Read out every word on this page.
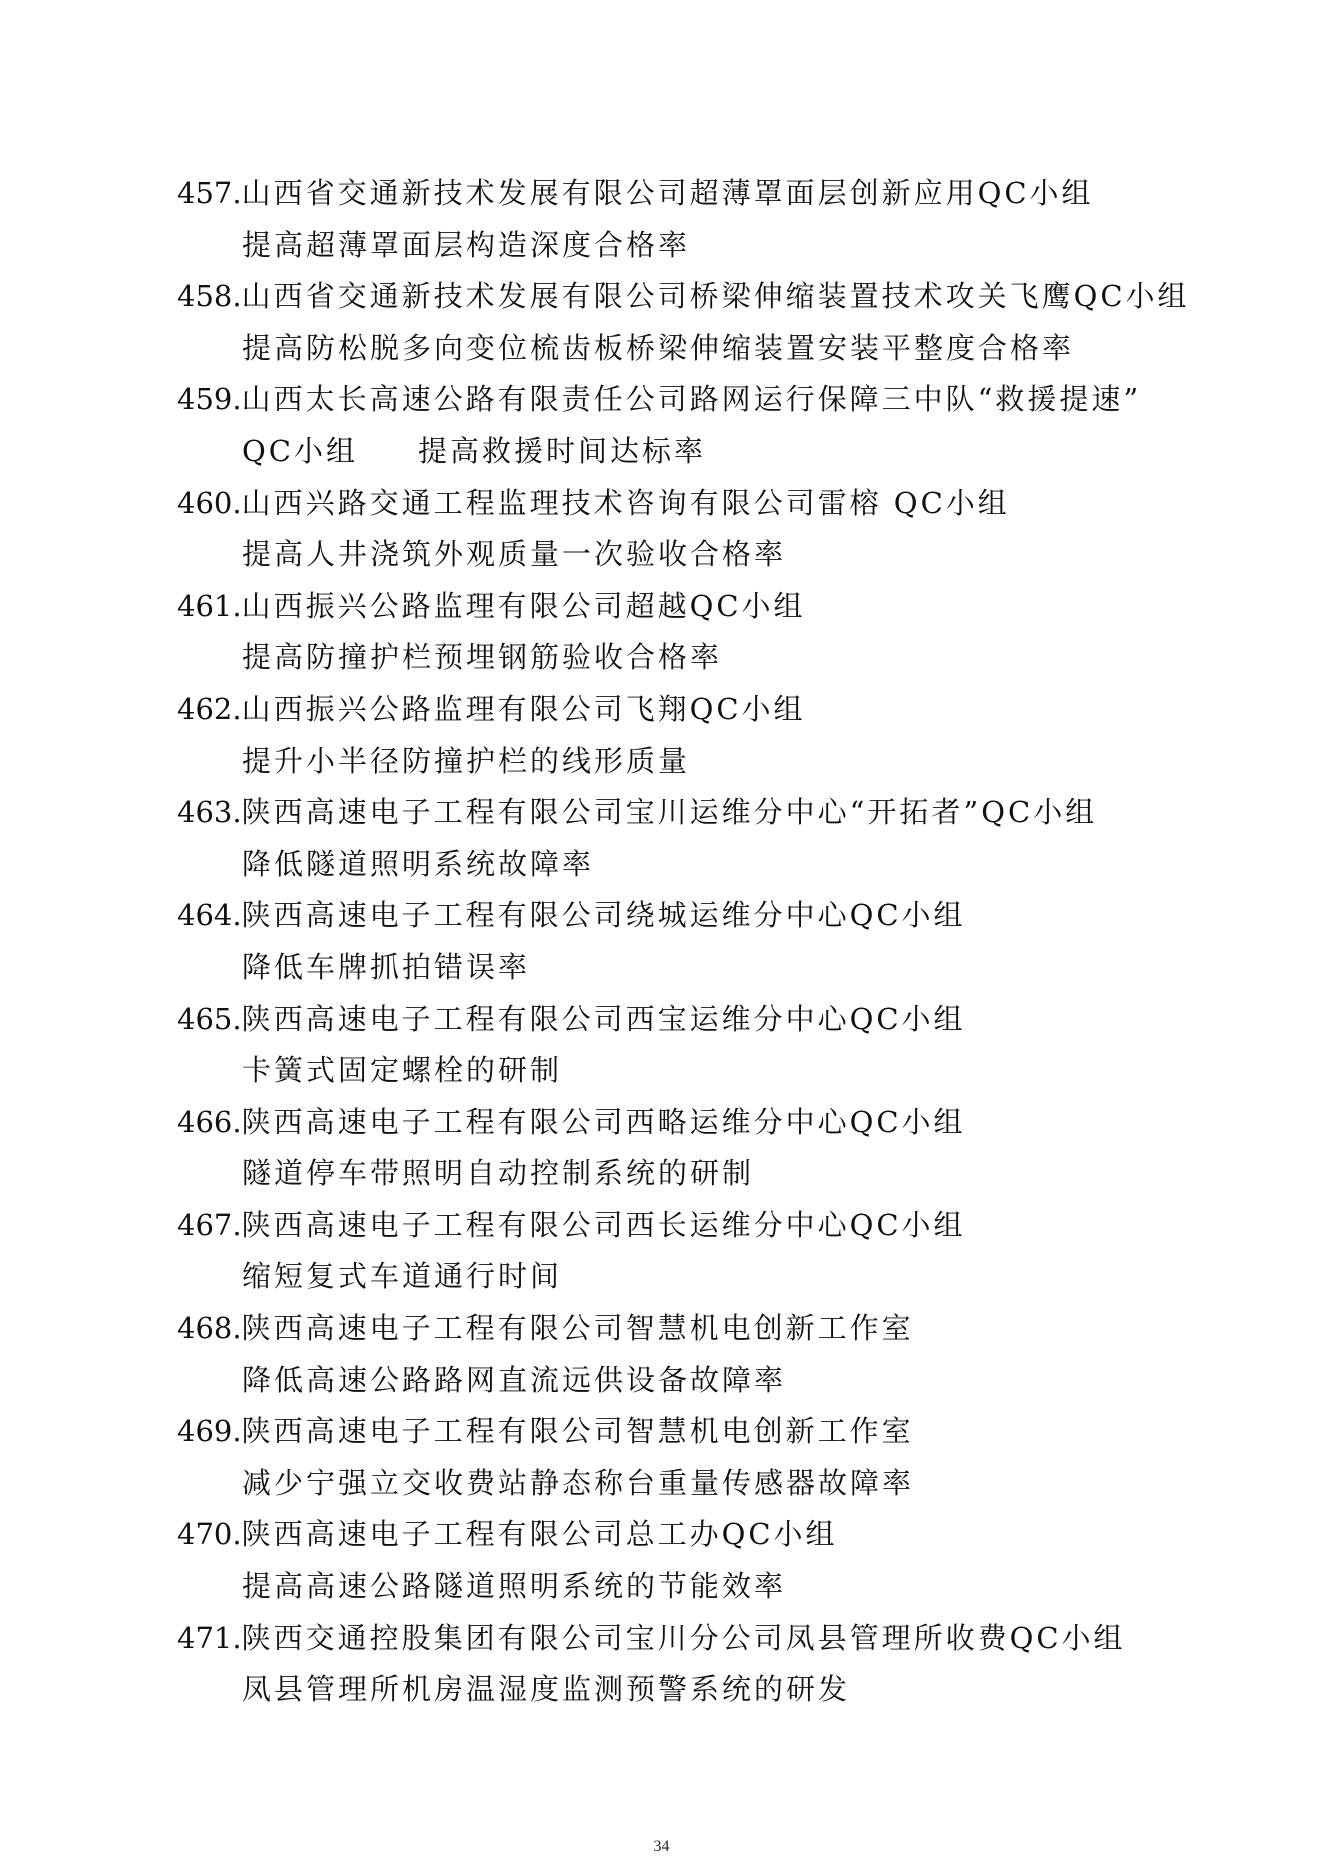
457.山西省交通新技术发展有限公司超薄罩面层创新应用QC小组
提高超薄罩面层构造深度合格率
458.山西省交通新技术发展有限公司桥梁伸缩装置技术攻关飞鹰QC小组
提高防松脱多向变位梳齿板桥梁伸缩装置安装平整度合格率
459.山西太长高速公路有限责任公司路网运行保障三中队“救援提速”
QC小组 提高救援时间达标率
460.山西兴路交通工程监理技术咨询有限公司雷榕 QC小组
提高人井浇筑外观质量一次验收合格率
461.山西振兴公路监理有限公司超越QC小组
提高防撞护栏预埋钢筋验收合格率
462.山西振兴公路监理有限公司飞翔QC小组
提升小半径防撞护栏的线形质量
463.陕西高速电子工程有限公司宝川运维分中心“开拓者”QC小组
降低隧道照明系统故障率
464.陕西高速电子工程有限公司绕城运维分中心QC小组
降低车牌抓拍错误率
465.陕西高速电子工程有限公司西宝运维分中心QC小组
卡簧式固定螺栓的研制
466.陕西高速电子工程有限公司西略运维分中心QC小组
隧道停车带照明自动控制系统的研制
467.陕西高速电子工程有限公司西长运维分中心QC小组
缩短复式车道通行时间
468.陕西高速电子工程有限公司智慧机电创新工作室
降低高速公路路网直流远供设备故障率
469.陕西高速电子工程有限公司智慧机电创新工作室
减少宁强立交收费站静态称台重量传感器故障率
470.陕西高速电子工程有限公司总工办QC小组
提高高速公路隧道照明系统的节能效率
471.陕西交通控股集团有限公司宝川分公司凤县管理所收费QC小组
凤县管理所机房温湿度监测预警系统的研发
34
